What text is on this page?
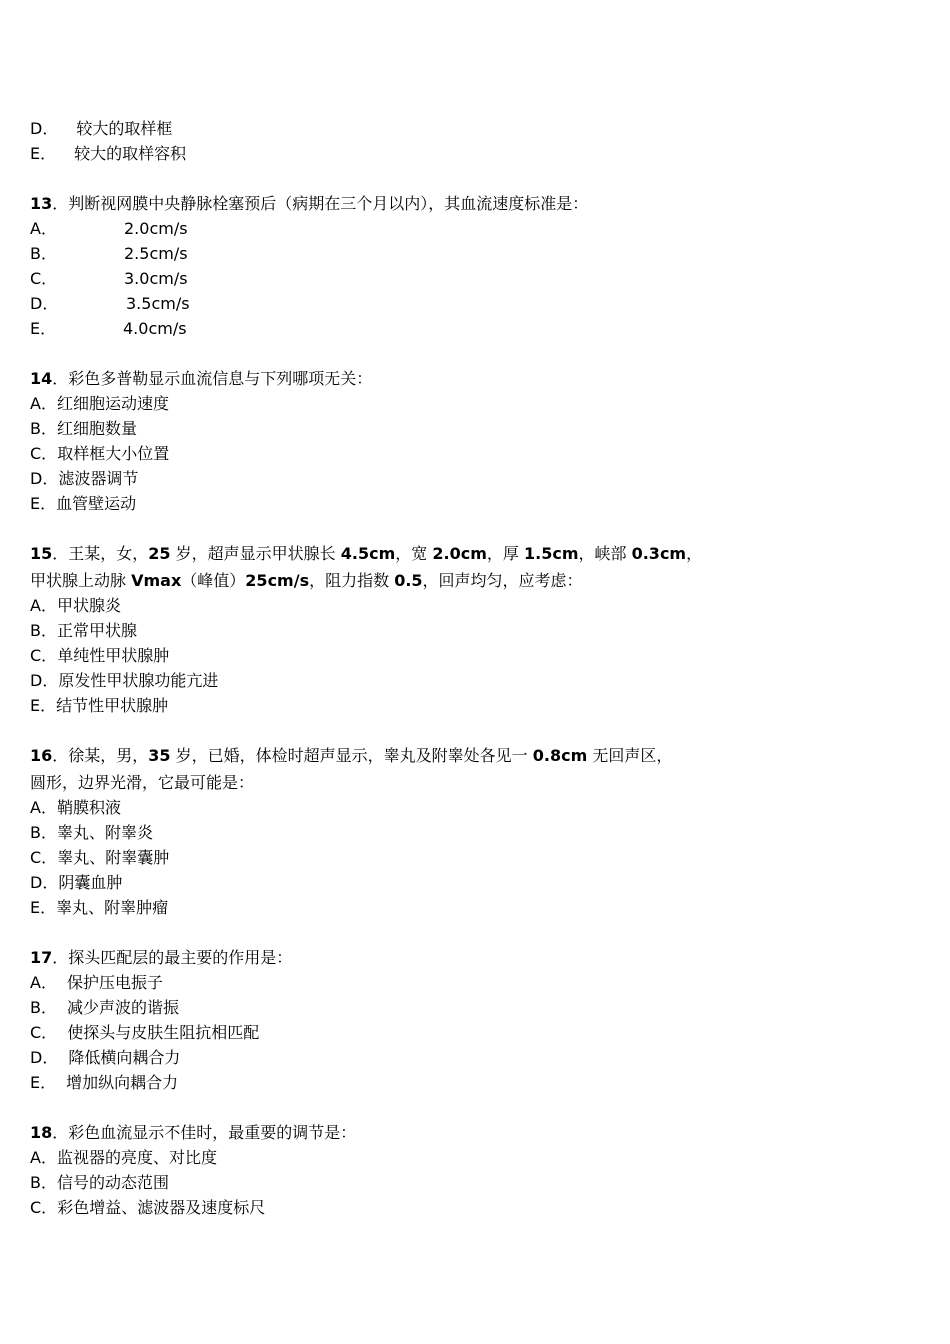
D． 较大的取样框
E． 较大的取样容积
13．判断视网膜中央静脉栓塞预后（病期在三个月以内），其血流速度标准是：
A．	2.0cm/s
B．	2.5cm/s
C．	3.0cm/s
D．	3.5cm/s
E．	4.0cm/s
14．彩色多普勒显示血流信息与下列哪项无关：
A．红细胞运动速度
B．红细胞数量
C．取样框大小位置
D．滤波器调节
E．血管壁运动
15．王某，女，25 岁，超声显示甲状腺长 4.5cm，宽 2.0cm，厚 1.5cm，峡部 0.3cm，
甲状腺上动脉 Vmax（峰值）25cm/s，阻力指数 0.5，回声均匀，应考虑：
A．甲状腺炎
B．正常甲状腺
C．单纯性甲状腺肿
D．原发性甲状腺功能亢进
E．结节性甲状腺肿
16．徐某，男，35 岁，已婚，体检时超声显示，睾丸及附睾处各见一 0.8cm 无回声区，
圆形，边界光滑，它最可能是：
A．鞘膜积液
B．睾丸、附睾炎
C．睾丸、附睾囊肿
D．阴囊血肿
E．睾丸、附睾肿瘤
17．探头匹配层的最主要的作用是：
A． 保护压电振子
B． 减少声波的谐振
C． 使探头与皮肤生阻抗相匹配
D． 降低横向耦合力
E． 增加纵向耦合力
18．彩色血流显示不佳时，最重要的调节是：
A．监视器的亮度、对比度
B．信号的动态范围
C．彩色增益、滤波器及速度标尺
